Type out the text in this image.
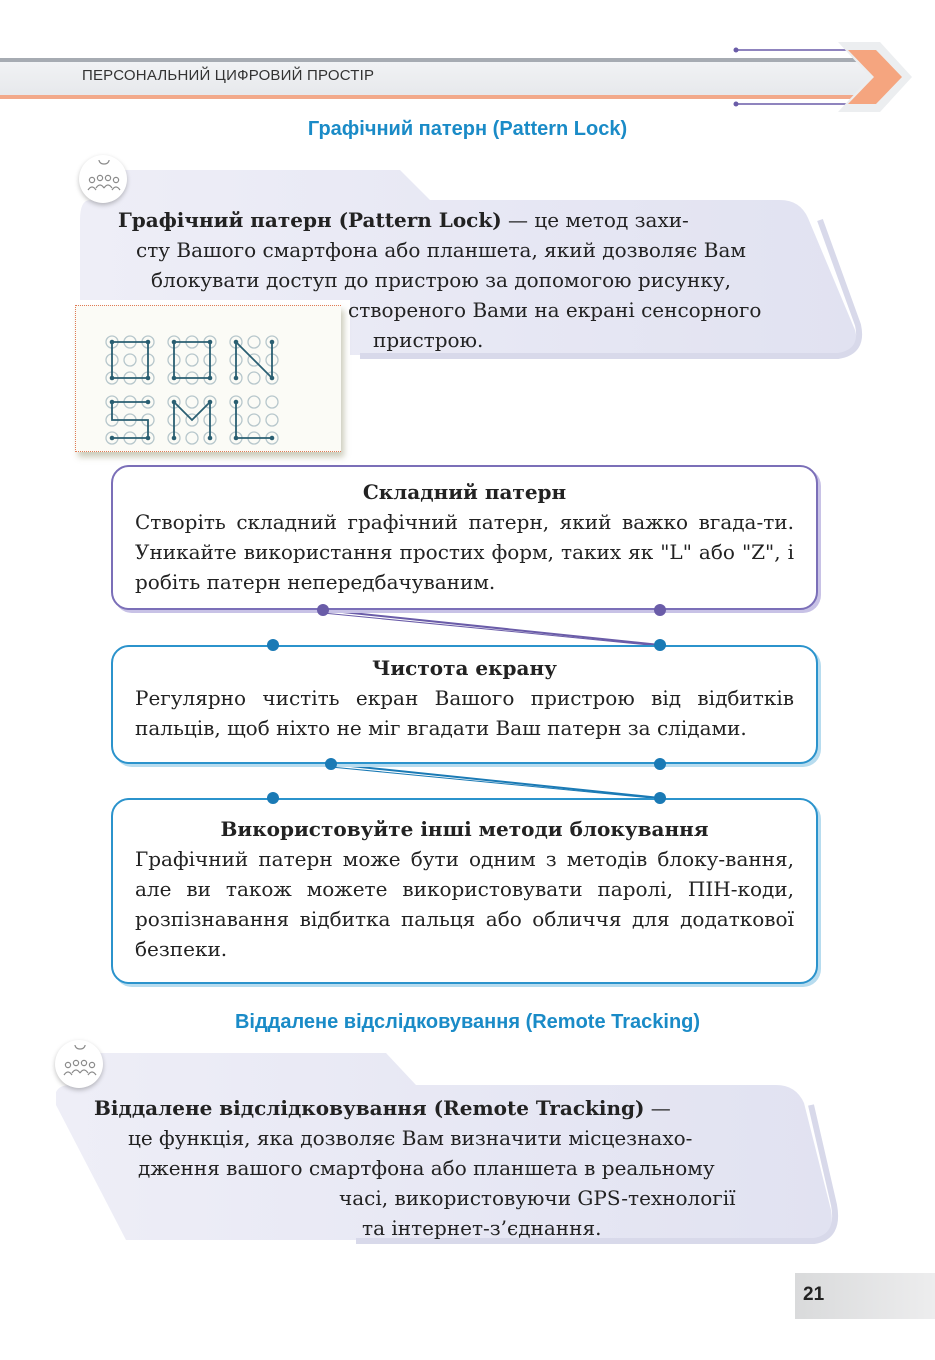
ПЕРСОНАЛЬНИЙ ЦИФРОВИЙ ПРОСТІР
Графічний патерн (Pattern Lock)
Графічний патерн (Pattern Lock) — це метод захи-
сту Вашого смартфона або планшета, який дозволяє Вам
блокувати доступ до пристрою за допомогою рисунку,
створеного Вами на екрані сенсорного
пристрою.
Складний патерн
Створіть складний графічний патерн, який важко вгада-ти. Уникайте використання простих форм, таких як "L" або "Z", і робіть патерн непередбачуваним.
Чистота екрану
Регулярно чистіть екран Вашого пристрою від відбитків пальців, щоб ніхто не міг вгадати Ваш патерн за слідами.
Використовуйте інші методи блокування
Графічний патерн може бути одним з методів блоку-вання, але ви також можете використовувати паролі, ПІН-коди, розпізнавання відбитка пальця або обличчя для додаткової безпеки.
Віддалене відслідковування (Remote Tracking)
Віддалене відслідковування (Remote Tracking) —
це функція, яка дозволяє Вам визначити місцезнахо-
дження вашого смартфона або планшета в реальному
часі, використовуючи GPS-технології
та інтернет-з’єднання.
21
